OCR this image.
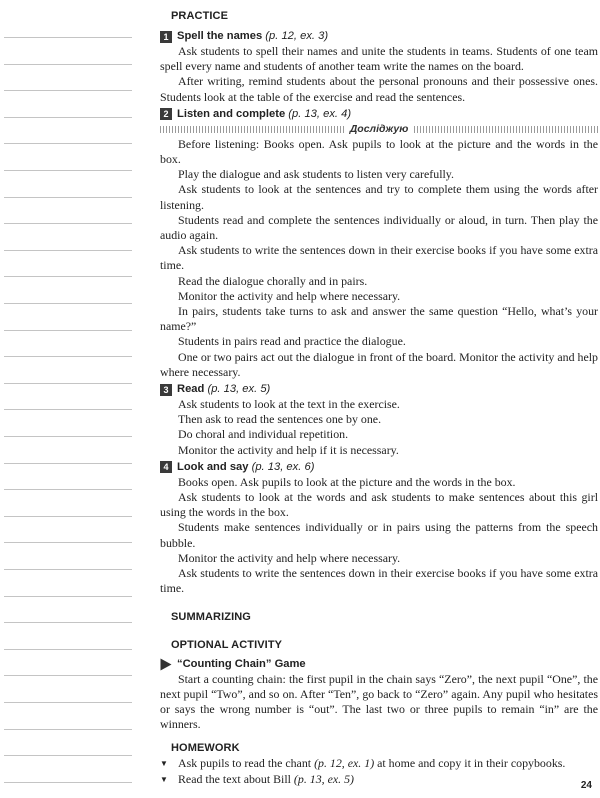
PRACTICE
1 Spell the names (p. 12, ex. 3)

Ask students to spell their names and unite the students in teams. Students of one team spell every name and students of another team write the names on the board.

After writing, remind students about the personal pronouns and their possessive ones. Students look at the table of the exercise and read the sentences.

2 Listen and complete (p. 13, ex. 4)
Досліджую

Before listening: Books open. Ask pupils to look at the picture and the words in the box.

Play the dialogue and ask students to listen very carefully.

Ask students to look at the sentences and try to complete them using the words after listening.

Students read and complete the sentences individually or aloud, in turn. Then play the audio again.

Ask students to write the sentences down in their exercise books if you have some extra time.

Read the dialogue chorally and in pairs.

Monitor the activity and help where necessary.

In pairs, students take turns to ask and answer the same question “Hello, what’s your name?”

Students in pairs read and practice the dialogue.

One or two pairs act out the dialogue in front of the board. Monitor the activity and help where necessary.

3 Read (p. 13, ex. 5)

Ask students to look at the text in the exercise.

Then ask to read the sentences one by one.

Do choral and individual repetition.

Monitor the activity and help if it is necessary.

4 Look and say (p. 13, ex. 6)

Books open. Ask pupils to look at the picture and the words in the box.

Ask students to look at the words and ask students to make sentences about this girl using the words in the box.

Students make sentences individually or in pairs using the patterns from the speech bubble.

Monitor the activity and help where necessary.

Ask students to write the sentences down in their exercise books if you have some extra time.

SUMMARIZING
OPTIONAL ACTIVITY
“Counting Chain” Game

Start a counting chain: the first pupil in the chain says “Zero”, the next pupil “One”, the next pupil “Two”, and so on. After “Ten”, go back to “Zero” again. Any pupil who hesitates or says the wrong number is “out”. The last two or three pupils to remain “in” are the winners.

HOMEWORK
▼ Ask pupils to read the chant (p. 12, ex. 1) at home and copy it in their copybooks.
▼ Read the text about Bill (p. 13, ex. 5)	24
